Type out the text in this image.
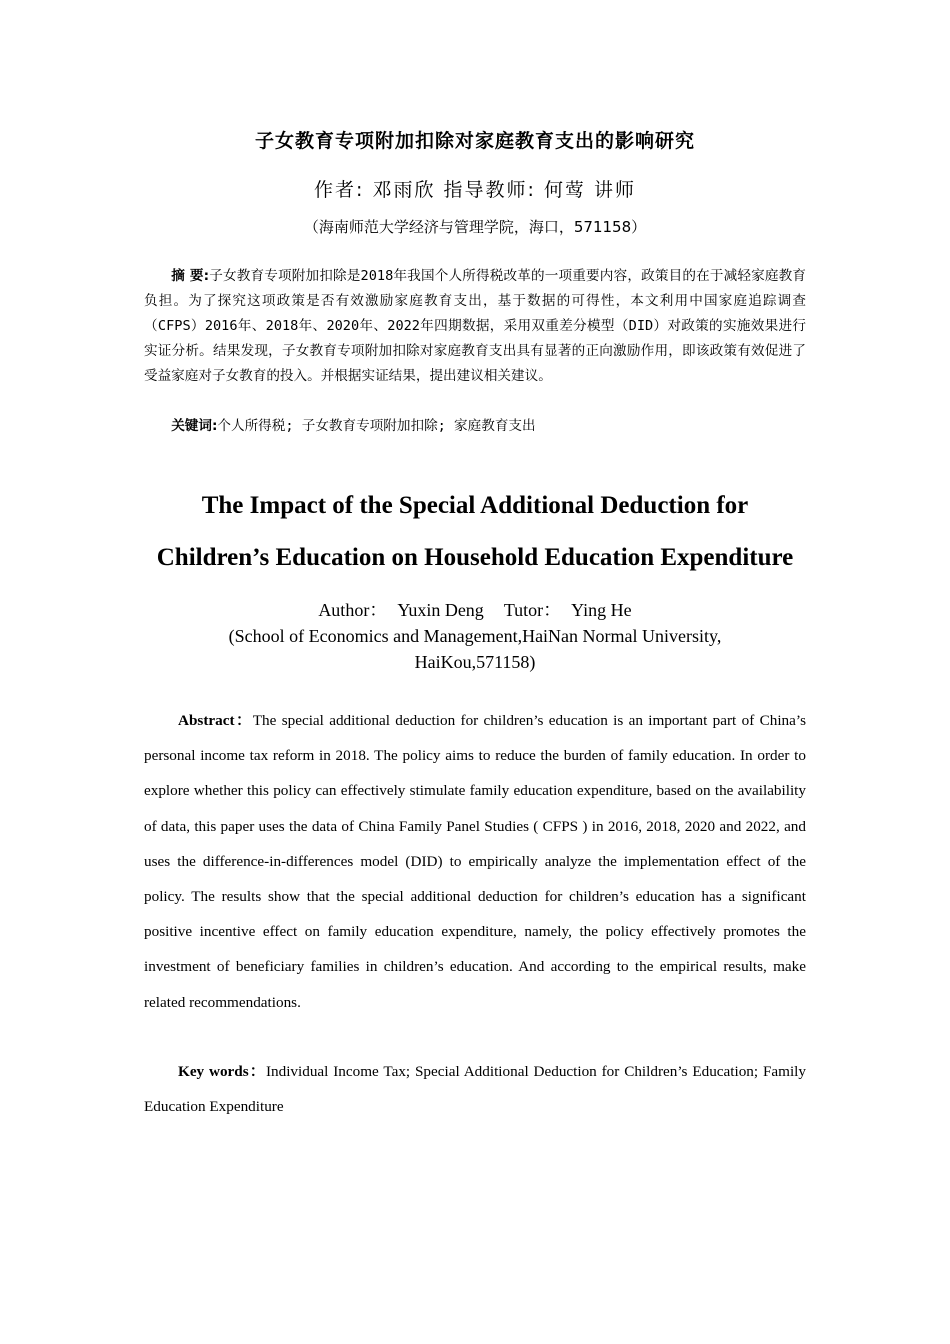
子女教育专项附加扣除对家庭教育支出的影响研究
作者: 邓雨欣 指导教师: 何莺 讲师
（海南师范大学经济与管理学院，海口，571158）

摘 要:子女教育专项附加扣除是2018年我国个人所得税改革的一项重要内容，政策目的在于减轻家庭教育负担。为了探究这项政策是否有效激励家庭教育支出，基于数据的可得性，本文利用中国家庭追踪调查（CFPS）2016年、2018年、2020年、2022年四期数据，采用双重差分模型（DID）对政策的实施效果进行实证分析。结果发现，子女教育专项附加扣除对家庭教育支出具有显著的正向激励作用，即该政策有效促进了受益家庭对子女教育的投入。并根据实证结果，提出建议相关建议。

关键词:个人所得税; 子女教育专项附加扣除; 家庭教育支出

The Impact of the Special Additional Deduction for
Children’s Education on Household Education Expenditure
Author： Yuxin Deng Tutor： Ying He

(School of Economics and Management,HaiNan Normal University, HaiKou,571158)

Abstract：The special additional deduction for children’s education is an important part of China’s personal income tax reform in 2018. The policy aims to reduce the burden of family education. In order to explore whether this policy can effectively stimulate family education expenditure, based on the availability of data, this paper uses the data of China Family Panel Studies ( CFPS ) in 2016, 2018, 2020 and 2022, and uses the difference-in-differences model (DID) to empirically analyze the implementation effect of the policy. The results show that the special additional deduction for children’s education has a significant positive incentive effect on family education expenditure, namely, the policy effectively promotes the investment of beneficiary families in children’s education. And according to the empirical results, make related recommendations.

Key words：Individual Income Tax; Special Additional Deduction for Children’s Education; Family Education Expenditure
